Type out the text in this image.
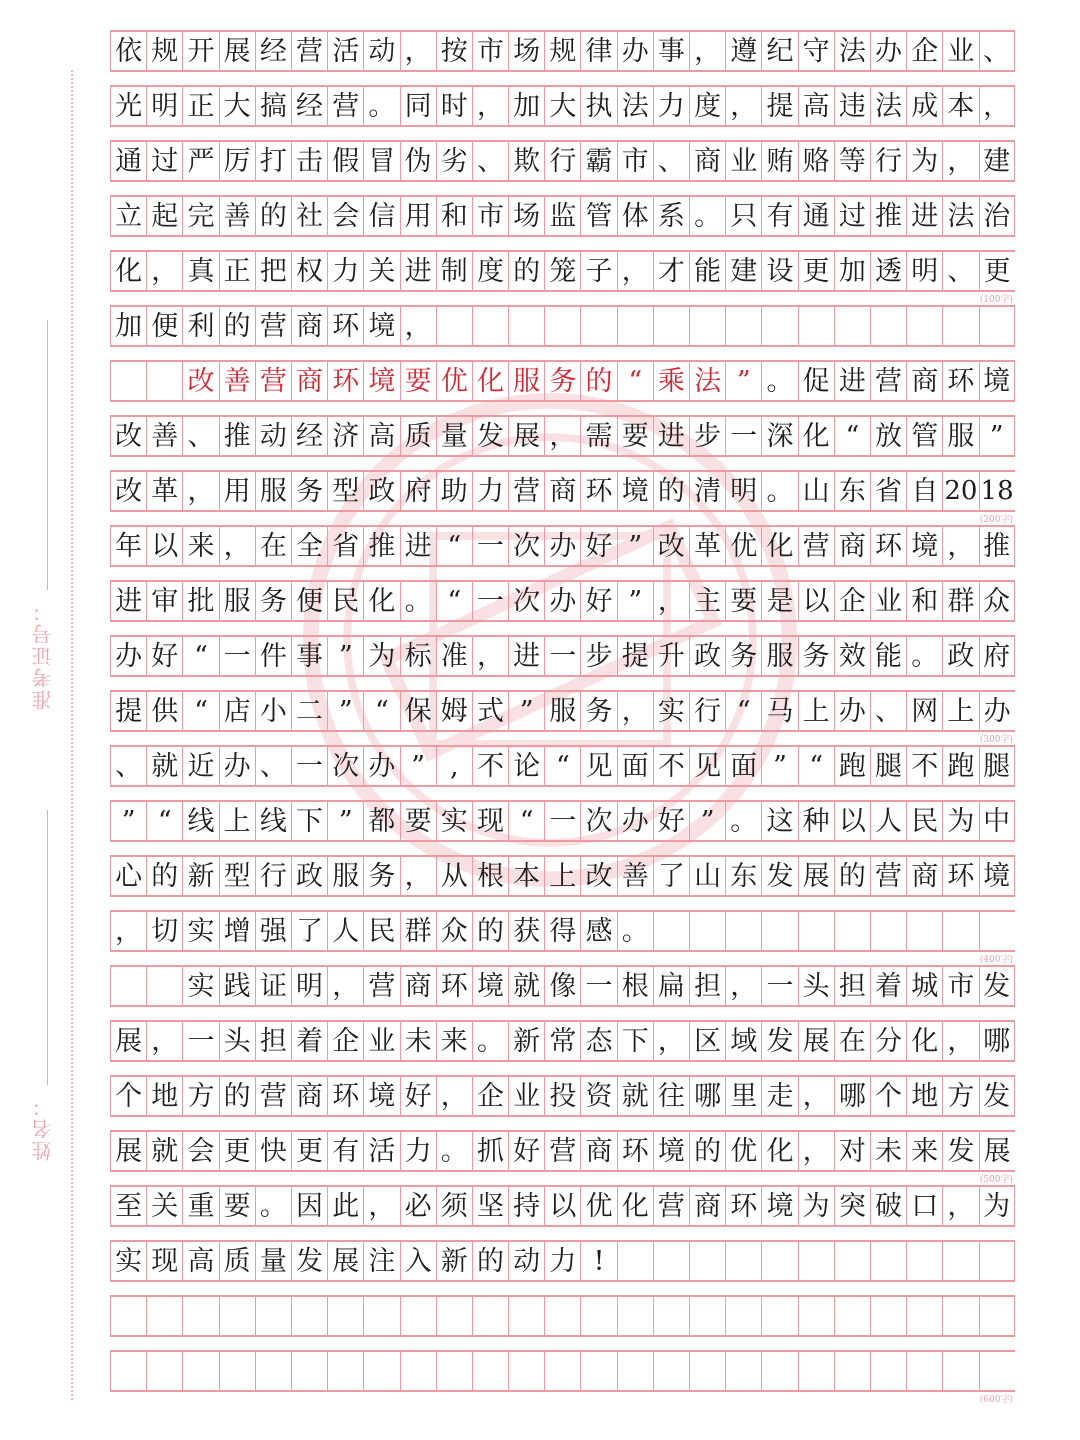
准考证号：
姓名：
依 规 开 展 经 营 活 动 ， 按 市 场 规 律 办 事 ， 遵 纪 守 法 办 企 业 、
光 明 正 大 搞 经 营 。 同 时 ， 加 大 执 法 力 度 ， 提 高 违 法 成 本 ，
通 过 严 厉 打 击 假 冒 伪 劣 、 欺 行 霸 市 、 商 业 贿 赂 等 行 为 ， 建
立 起 完 善 的 社 会 信 用 和 市 场 监 管 体 系 。 只 有 通 过 推 进 法 治
化 ， 真 正 把 权 力 关 进 制 度 的 笼 子 ， 才 能 建 设 更 加 透 明 、 更
(100字)
加 便 利 的 营 商 环 境 ，
改 善 营 商 环 境 要 优 化 服 务 的 “ 乘 法 ” 。 促 进 营 商 环 境
改 善 、 推 动 经 济 高 质 量 发 展 ， 需 要 进 步 一 深 化 “ 放 管 服 ”
改 革 ， 用 服 务 型 政 府 助 力 营 商 环 境 的 清 明 。 山 东 省 自 20 18
(200字)
年 以 来 ， 在 全 省 推 进 “ 一 次 办 好 ” 改 革 优 化 营 商 环 境 ， 推
进 审 批 服 务 便 民 化 。 “ 一 次 办 好 ” ， 主 要 是 以 企 业 和 群 众
办 好 “ 一 件 事 ” 为 标 准 ， 进 一 步 提 升 政 务 服 务 效 能 。 政 府
提 供 “ 店 小 二 ” “ 保 姆 式 ” 服 务 ， 实 行 “ 马 上 办 、 网 上 办
(300字)
、 就 近 办 、 一 次 办 ” , 不 论 “ 见 面 不 见 面 ” “ 跑 腿 不 跑 腿
” “ 线 上 线 下 ” 都 要 实 现 “ 一 次 办 好 ” 。 这 种 以 人 民 为 中
心 的 新 型 行 政 服 务 ， 从 根 本 上 改 善 了 山 东 发 展 的 营 商 环 境
， 切 实 增 强 了 人 民 群 众 的 获 得 感 。
(400字)
实 践 证 明 ， 营 商 环 境 就 像 一 根 扁 担 ， 一 头 担 着 城 市 发
展 ， 一 头 担 着 企 业 未 来 。 新 常 态 下 ， 区 域 发 展 在 分 化 ， 哪
个 地 方 的 营 商 环 境 好 ， 企 业 投 资 就 往 哪 里 走 ， 哪 个 地 方 发
展 就 会 更 快 更 有 活 力 。 抓 好 营 商 环 境 的 优 化 ， 对 未 来 发 展
(500字)
至 关 重 要 。 因 此 ， 必 须 坚 持 以 优 化 营 商 环 境 为 突 破 口 ， 为
实 现 高 质 量 发 展 注 入 新 的 动 力 !
(600字)
